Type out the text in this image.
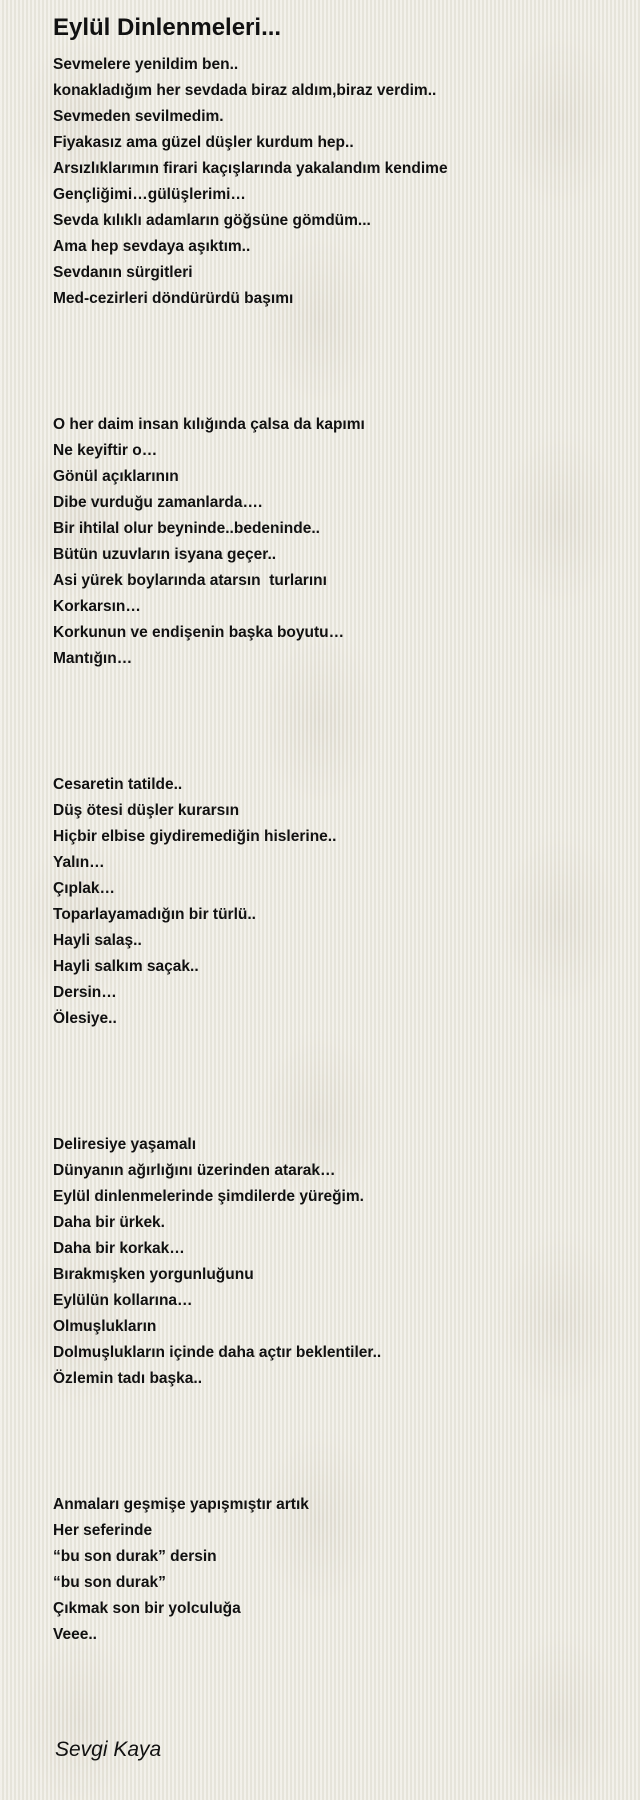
Eylül Dinlenmeleri...
Sevmelere yenildim ben..
konakladığım her sevdada biraz aldım,biraz verdim..
Sevmeden sevilmedim.
Fiyakasız ama güzel düşler kurdum hep..
Arsızlıklarımın firari kaçışlarında yakalandım kendime
Gençliğimi…gülüşlerimi…
Sevda kılıklı adamların göğsüne gömdüm...
Ama hep sevdaya aşıktım..
Sevdanın sürgitleri
Med-cezirleri döndürürdü başımı
O her daim insan kılığında çalsa da kapımı
Ne keyiftir o…
Gönül açıklarının
Dibe vurduğu zamanlarda….
Bir ihtilal olur beyninde..bedeninde..
Bütün uzuvların isyana geçer..
Asi yürek boylarında atarsın  turlarını
Korkarsın…
Korkunun ve endişenin başka boyutu…
Mantığın…
Cesaretin tatilde..
Düş ötesi düşler kurarsın
Hiçbir elbise giydiremediğin hislerine..
Yalın…
Çıplak…
Toparlayamadığın bir türlü..
Hayli salaş..
Hayli salkım saçak..
Dersin…
Ölesiye..
Deliresiye yaşamalı
Dünyanın ağırlığını üzerinden atarak…
Eylül dinlenmelerinde şimdilerde yüreğim.
Daha bir ürkek.
Daha bir korkak…
Bırakmışken yorgunluğunu
Eylülün kollarına…
Olmuşlukların
Dolmuşlukların içinde daha açtır beklentiler..
Özlemin tadı başka..
Anmaları geşmişe yapışmıştır artık
Her seferinde
“bu son durak” dersin
“bu son durak”
Çıkmak son bir yolculuğa
Veee..
Sevgi Kaya
